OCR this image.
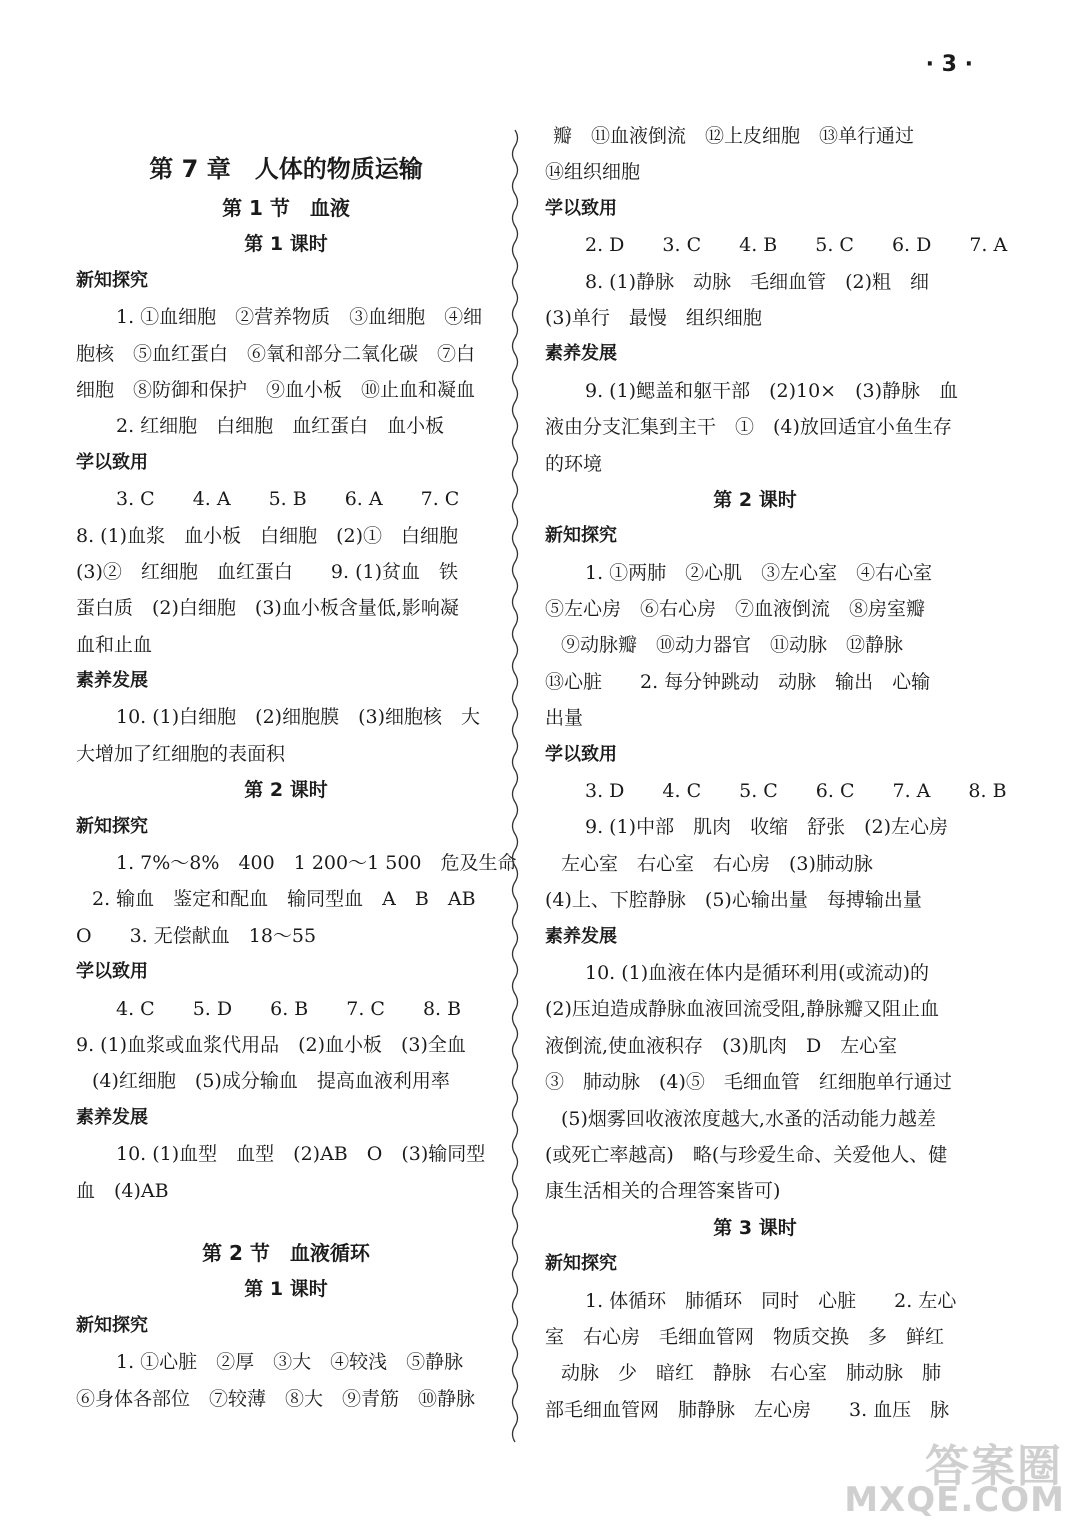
· 3 ·
第 7 章　人体的物质运输
第 1 节　血液
第 1 课时
新知探究
1. ①血细胞　②营养物质　③血细胞　④细
胞核　⑤血红蛋白　⑥氧和部分二氧化碳　⑦白
细胞　⑧防御和保护　⑨血小板　⑩止血和凝血
2. 红细胞　白细胞　血红蛋白　血小板
学以致用
3. C　　4. A　　5. B　　6. A　　7. C
8. (1)血浆　血小板　白细胞　(2)①　白细胞
(3)②　红细胞　血红蛋白　　9. (1)贫血　铁
蛋白质　(2)白细胞　(3)血小板含量低,影响凝
血和止血
素养发展
10. (1)白细胞　(2)细胞膜　(3)细胞核　大
大增加了红细胞的表面积
第 2 课时
新知探究
1. 7%～8%　400　1 200～1 500　危及生命
2. 输血　鉴定和配血　输同型血　A　B　AB
O　　3. 无偿献血　18～55
学以致用
4. C　　5. D　　6. B　　7. C　　8. B
9. (1)血浆或血浆代用品　(2)血小板　(3)全血
(4)红细胞　(5)成分输血　提高血液利用率
素养发展
10. (1)血型　血型　(2)AB　O　(3)输同型
血　(4)AB
第 2 节　血液循环
第 1 课时
新知探究
1. ①心脏　②厚　③大　④较浅　⑤静脉
⑥身体各部位　⑦较薄　⑧大　⑨青筋　⑩静脉
瓣　⑪血液倒流　⑫上皮细胞　⑬单行通过
⑭组织细胞
学以致用
2. D　　3. C　　4. B　　5. C　　6. D　　7. A
8. (1)静脉　动脉　毛细血管　(2)粗　细
(3)单行　最慢　组织细胞
素养发展
9. (1)鳃盖和躯干部　(2)10×　(3)静脉　血
液由分支汇集到主干　①　(4)放回适宜小鱼生存
的环境
第 2 课时
新知探究
1. ①两肺　②心肌　③左心室　④右心室
⑤左心房　⑥右心房　⑦血液倒流　⑧房室瓣
⑨动脉瓣　⑩动力器官　⑪动脉　⑫静脉
⑬心脏　　2. 每分钟跳动　动脉　输出　心输
出量
学以致用
3. D　　4. C　　5. C　　6. C　　7. A　　8. B
9. (1)中部　肌肉　收缩　舒张　(2)左心房
左心室　右心室　右心房　(3)肺动脉
(4)上、下腔静脉　(5)心输出量　每搏输出量
素养发展
10. (1)血液在体内是循环利用(或流动)的
(2)压迫造成静脉血液回流受阻,静脉瓣又阻止血
液倒流,使血液积存　(3)肌肉　D　左心室
③　肺动脉　(4)⑤　毛细血管　红细胞单行通过
(5)烟雾回收液浓度越大,水蚤的活动能力越差
(或死亡率越高)　略(与珍爱生命、关爱他人、健
康生活相关的合理答案皆可)
第 3 课时
新知探究
1. 体循环　肺循环　同时　心脏　　2. 左心
室　右心房　毛细血管网　物质交换　多　鲜红
动脉　少　暗红　静脉　右心室　肺动脉　肺
部毛细血管网　肺静脉　左心房　　3. 血压　脉
答案圈
MXQE.COM
